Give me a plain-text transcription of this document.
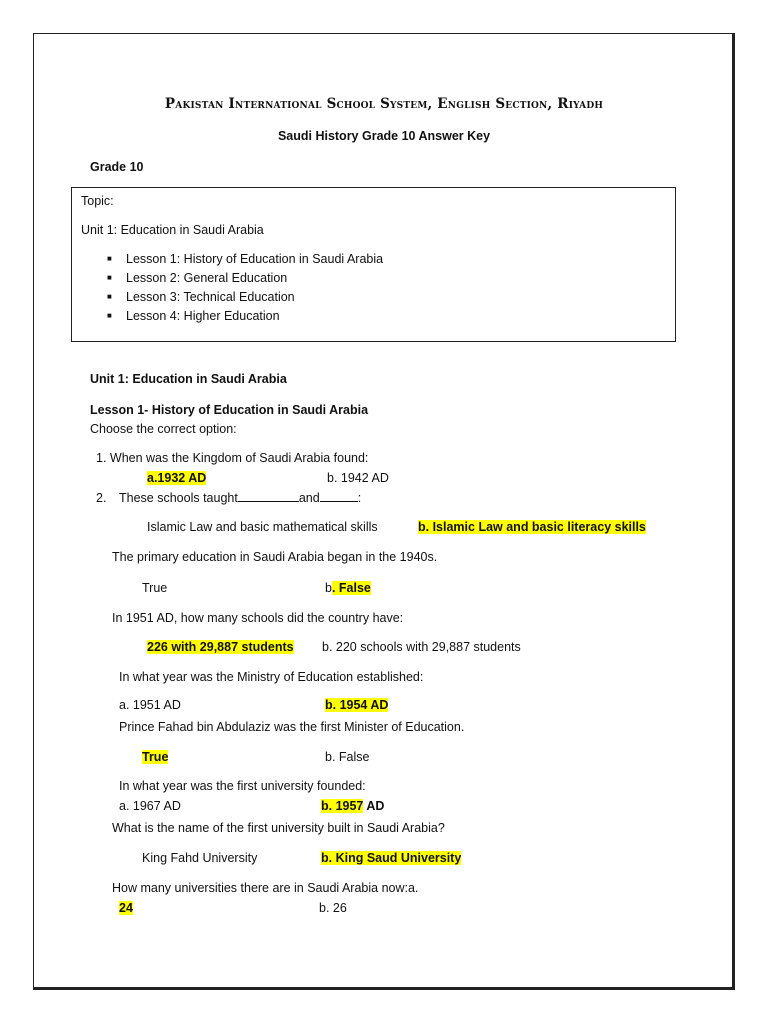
Pakistan International School System, English Section, Riyadh
Saudi History Grade 10 Answer Key
Grade 10
Topic:
Unit 1: Education in Saudi Arabia
■ Lesson 1: History of Education in Saudi Arabia
■ Lesson 2: General Education
■ Lesson 3: Technical Education
■ Lesson 4: Higher Education
Unit 1: Education in Saudi Arabia
Lesson 1- History of Education in Saudi Arabia
Choose the correct option:
1. When was the Kingdom of Saudi Arabia found:
a.1932 AD	b. 1942 AD
2. These schools taught	and	:
Islamic Law and basic mathematical skills	b. Islamic Law and basic literacy skills
The primary education in Saudi Arabia began in the 1940s.
True	b. False
In 1951 AD, how many schools did the country have:
226 with 29,887 students b. 220 schools with 29,887 students
In what year was the Ministry of Education established:
a. 1951 AD	b. 1954 AD
Prince Fahad bin Abdulaziz was the first Minister of Education.
True	b. False
In what year was the first university founded:
a. 1967 AD	b. 1957 AD
What is the name of the first university built in Saudi Arabia?
King Fahd University	b. King Saud University
How many universities there are in Saudi Arabia now:a.
24	b. 26
